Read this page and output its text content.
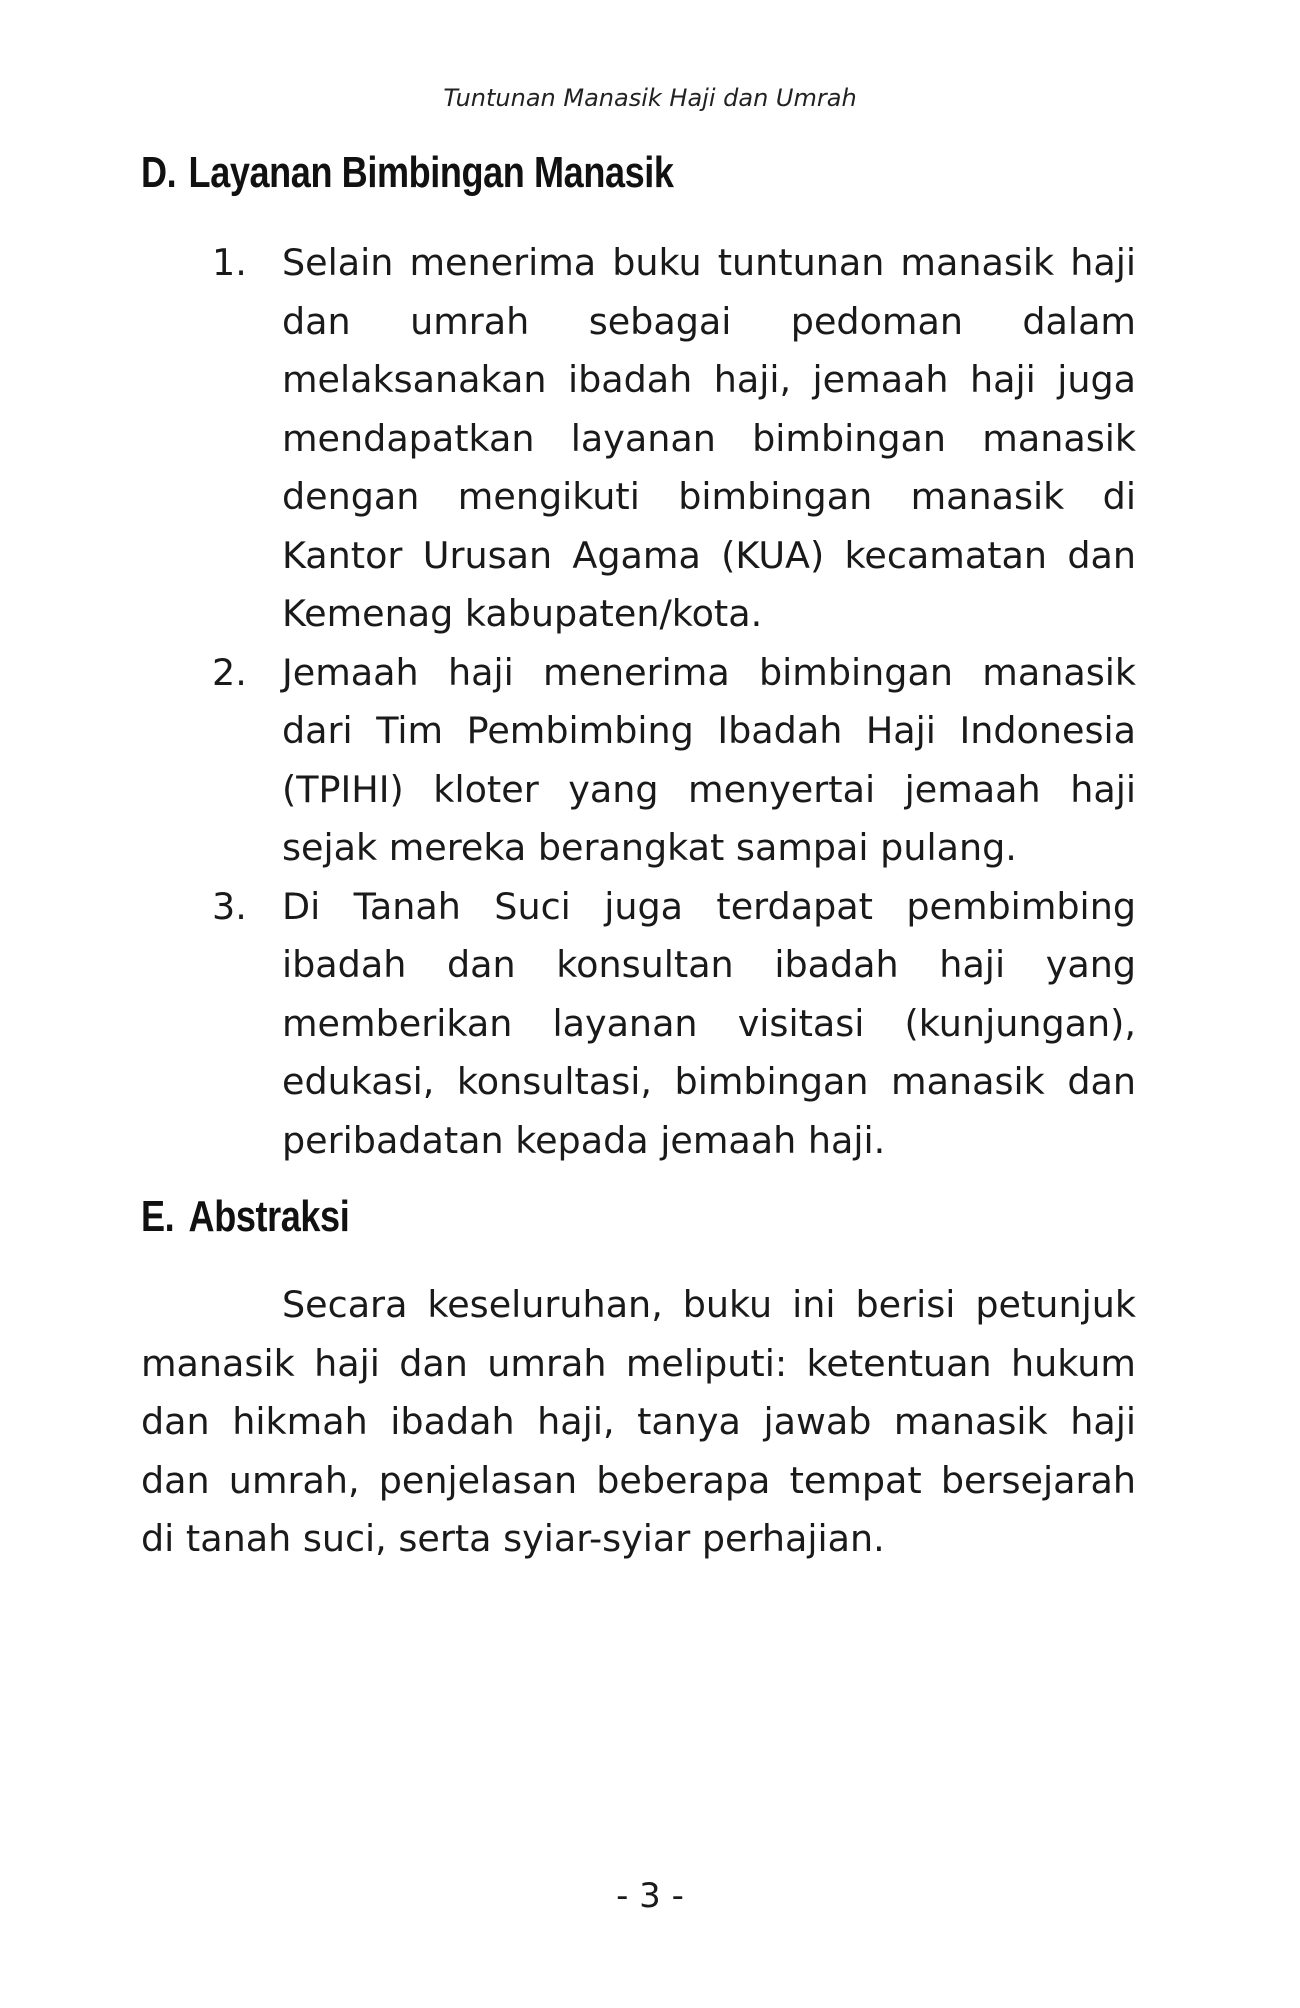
Tuntunan Manasik Haji dan Umrah
D. Layanan Bimbingan Manasik
1. Selain menerima buku tuntunan manasik haji dan umrah sebagai pedoman dalam melaksanakan ibadah haji, jemaah haji juga mendapatkan layanan bimbingan manasik dengan mengikuti bimbingan manasik di Kantor Urusan Agama (KUA) kecamatan dan Kemenag kabupaten/kota.
2. Jemaah haji menerima bimbingan manasik dari Tim Pembimbing Ibadah Haji Indonesia (TPIHI) kloter yang menyertai jemaah haji sejak mereka berangkat sampai pulang.
3. Di Tanah Suci juga terdapat pembimbing ibadah dan konsultan ibadah haji yang memberikan layanan visitasi (kunjungan), edukasi, konsultasi, bimbingan manasik dan peribadatan kepada jemaah haji.
E. Abstraksi

Secara keseluruhan, buku ini berisi petunjuk manasik haji dan umrah meliputi: ketentuan hukum dan hikmah ibadah haji, tanya jawab manasik haji dan umrah, penjelasan beberapa tempat bersejarah di tanah suci, serta syiar-syiar perhajian.

- 3 -
